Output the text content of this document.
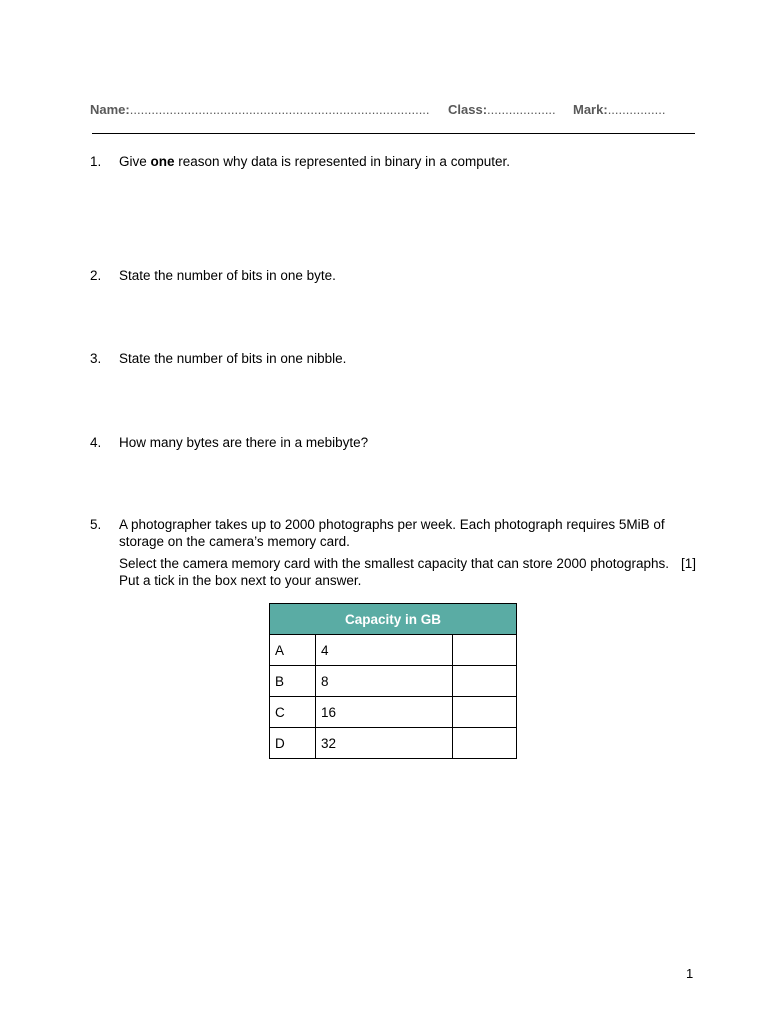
Name:................................................................................... Class:................... Mark:................
1. Give one reason why data is represented in binary in a computer.
2. State the number of bits in one byte.
3. State the number of bits in one nibble.
4. How many bytes are there in a mebibyte?
5. A photographer takes up to 2000 photographs per week. Each photograph requires 5MiB of storage on the camera’s memory card.

[1]
Select the camera memory card with the smallest capacity that can store 2000 photographs. Put a tick in the box next to your answer.

Capacity in GB		
A	4	
B	8	
C	16	
D	32	
1
